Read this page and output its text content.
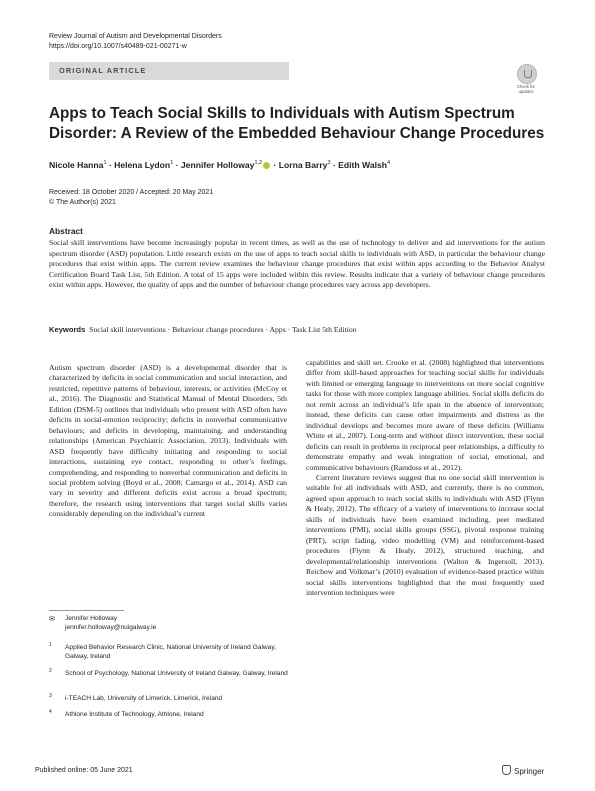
Review Journal of Autism and Developmental Disorders
https://doi.org/10.1007/s40489-021-00271-w
ORIGINAL ARTICLE
Check for updates
Apps to Teach Social Skills to Individuals with Autism Spectrum Disorder: A Review of the Embedded Behaviour Change Procedures
Nicole Hanna$^1$ · Helena Lydon$^1$ · Jennifer Holloway$^{1,2}$ · Lorna Barry$^3$ · Edith Walsh$^4$
Received: 18 October 2020 / Accepted: 20 May 2021
© The Author(s) 2021
Abstract
Social skill interventions have become increasingly popular in recent times, as well as the use of technology to deliver and aid interventions for the autism spectrum disorder (ASD) population. Little research exists on the use of apps to teach social skills to individuals with ASD, in particular the behaviour change procedures that exist within apps. The current review examines the behaviour change procedures that exist within apps according to the Behavior Analyst Certification Board Task List, 5th Edition. A total of 15 apps were included within this review. Results indicate that a variety of behaviour change procedures exist within apps. However, the quality of apps and the number of behaviour change procedures vary across app developers.
Keywords Social skill interventions · Behaviour change procedures · Apps · Task List 5th Edition

Autism spectrum disorder (ASD) is a developmental disorder that is characterized by deficits in social communication and social interaction, and restricted, repetitive patterns of behaviour, interests, or activities (McCoy et al., 2016). The Diagnostic and Statistical Manual of Mental Disorders, 5th Edition (DSM-5) outlines that individuals who present with ASD often have deficits in social-emotion reciprocity; deficits in nonverbal communicative behaviours; and deficits in developing, maintaining, and understanding relationships (American Psychiatric Association, 2013). Individuals with ASD frequently have difficulty initiating and responding to social interactions, sustaining eye contact, responding to other’s feelings, comprehending, and responding to nonverbal communication and deficits in social problem solving (Boyd et al., 2008; Camargo et al., 2014). ASD can vary in severity and different deficits exist across a broad spectrum; therefore, the research using interventions that target social skills varies considerably depending on the individual’s current

capabilities and skill set. Crooke et al. (2008) highlighted that interventions differ from skill-based approaches for teaching social skills for individuals with limited or emerging language to interventions on more social cognitive tasks for those with more complex language abilities. Social skills deficits do not remit across an individual’s life span in the absence of intervention; instead, these deficits can cause other impairments and distress as the individual develops and becomes more aware of these deficits (Williams White et al., 2007). Long-term and without direct intervention, these social deficits can result in problems in reciprocal peer relationships, a difficulty to demonstrate empathy and weak integration of social, emotional, and communicative behaviours (Ramdoss et al., 2012).

Current literature reviews suggest that no one social skill intervention is suitable for all individuals with ASD, and currently, there is no common, agreed upon approach to teach social skills to individuals with ASD (Flynn & Healy, 2012). The efficacy of a variety of interventions to increase social skills of individuals have been examined including, peer mediated interventions (PMI), social skills groups (SSG), pivotal response training (PRT), script fading, video modelling (VM) and reinforcement-based procedures (Flynn & Healy, 2012), structured teaching, and developmental/relationship interventions (Walton & Ingersoll, 2013). Reichow and Volkmar’s (2010) evaluation of evidence-based practice within social skills interventions highlighted that the most frequently used intervention techniques were

✉ Jennifer Holloway
jennifer.holloway@nuigalway.ie
1 Applied Behavior Research Clinic, National University of Ireland Galway, Galway, Ireland
2 School of Psychology, National University of Ireland Galway, Galway, Ireland
3 i-TEACH Lab, University of Limerick, Limerick, Ireland
4 Athlone Institute of Technology, Athlone, Ireland
Published online: 05 June 2021	Springer
